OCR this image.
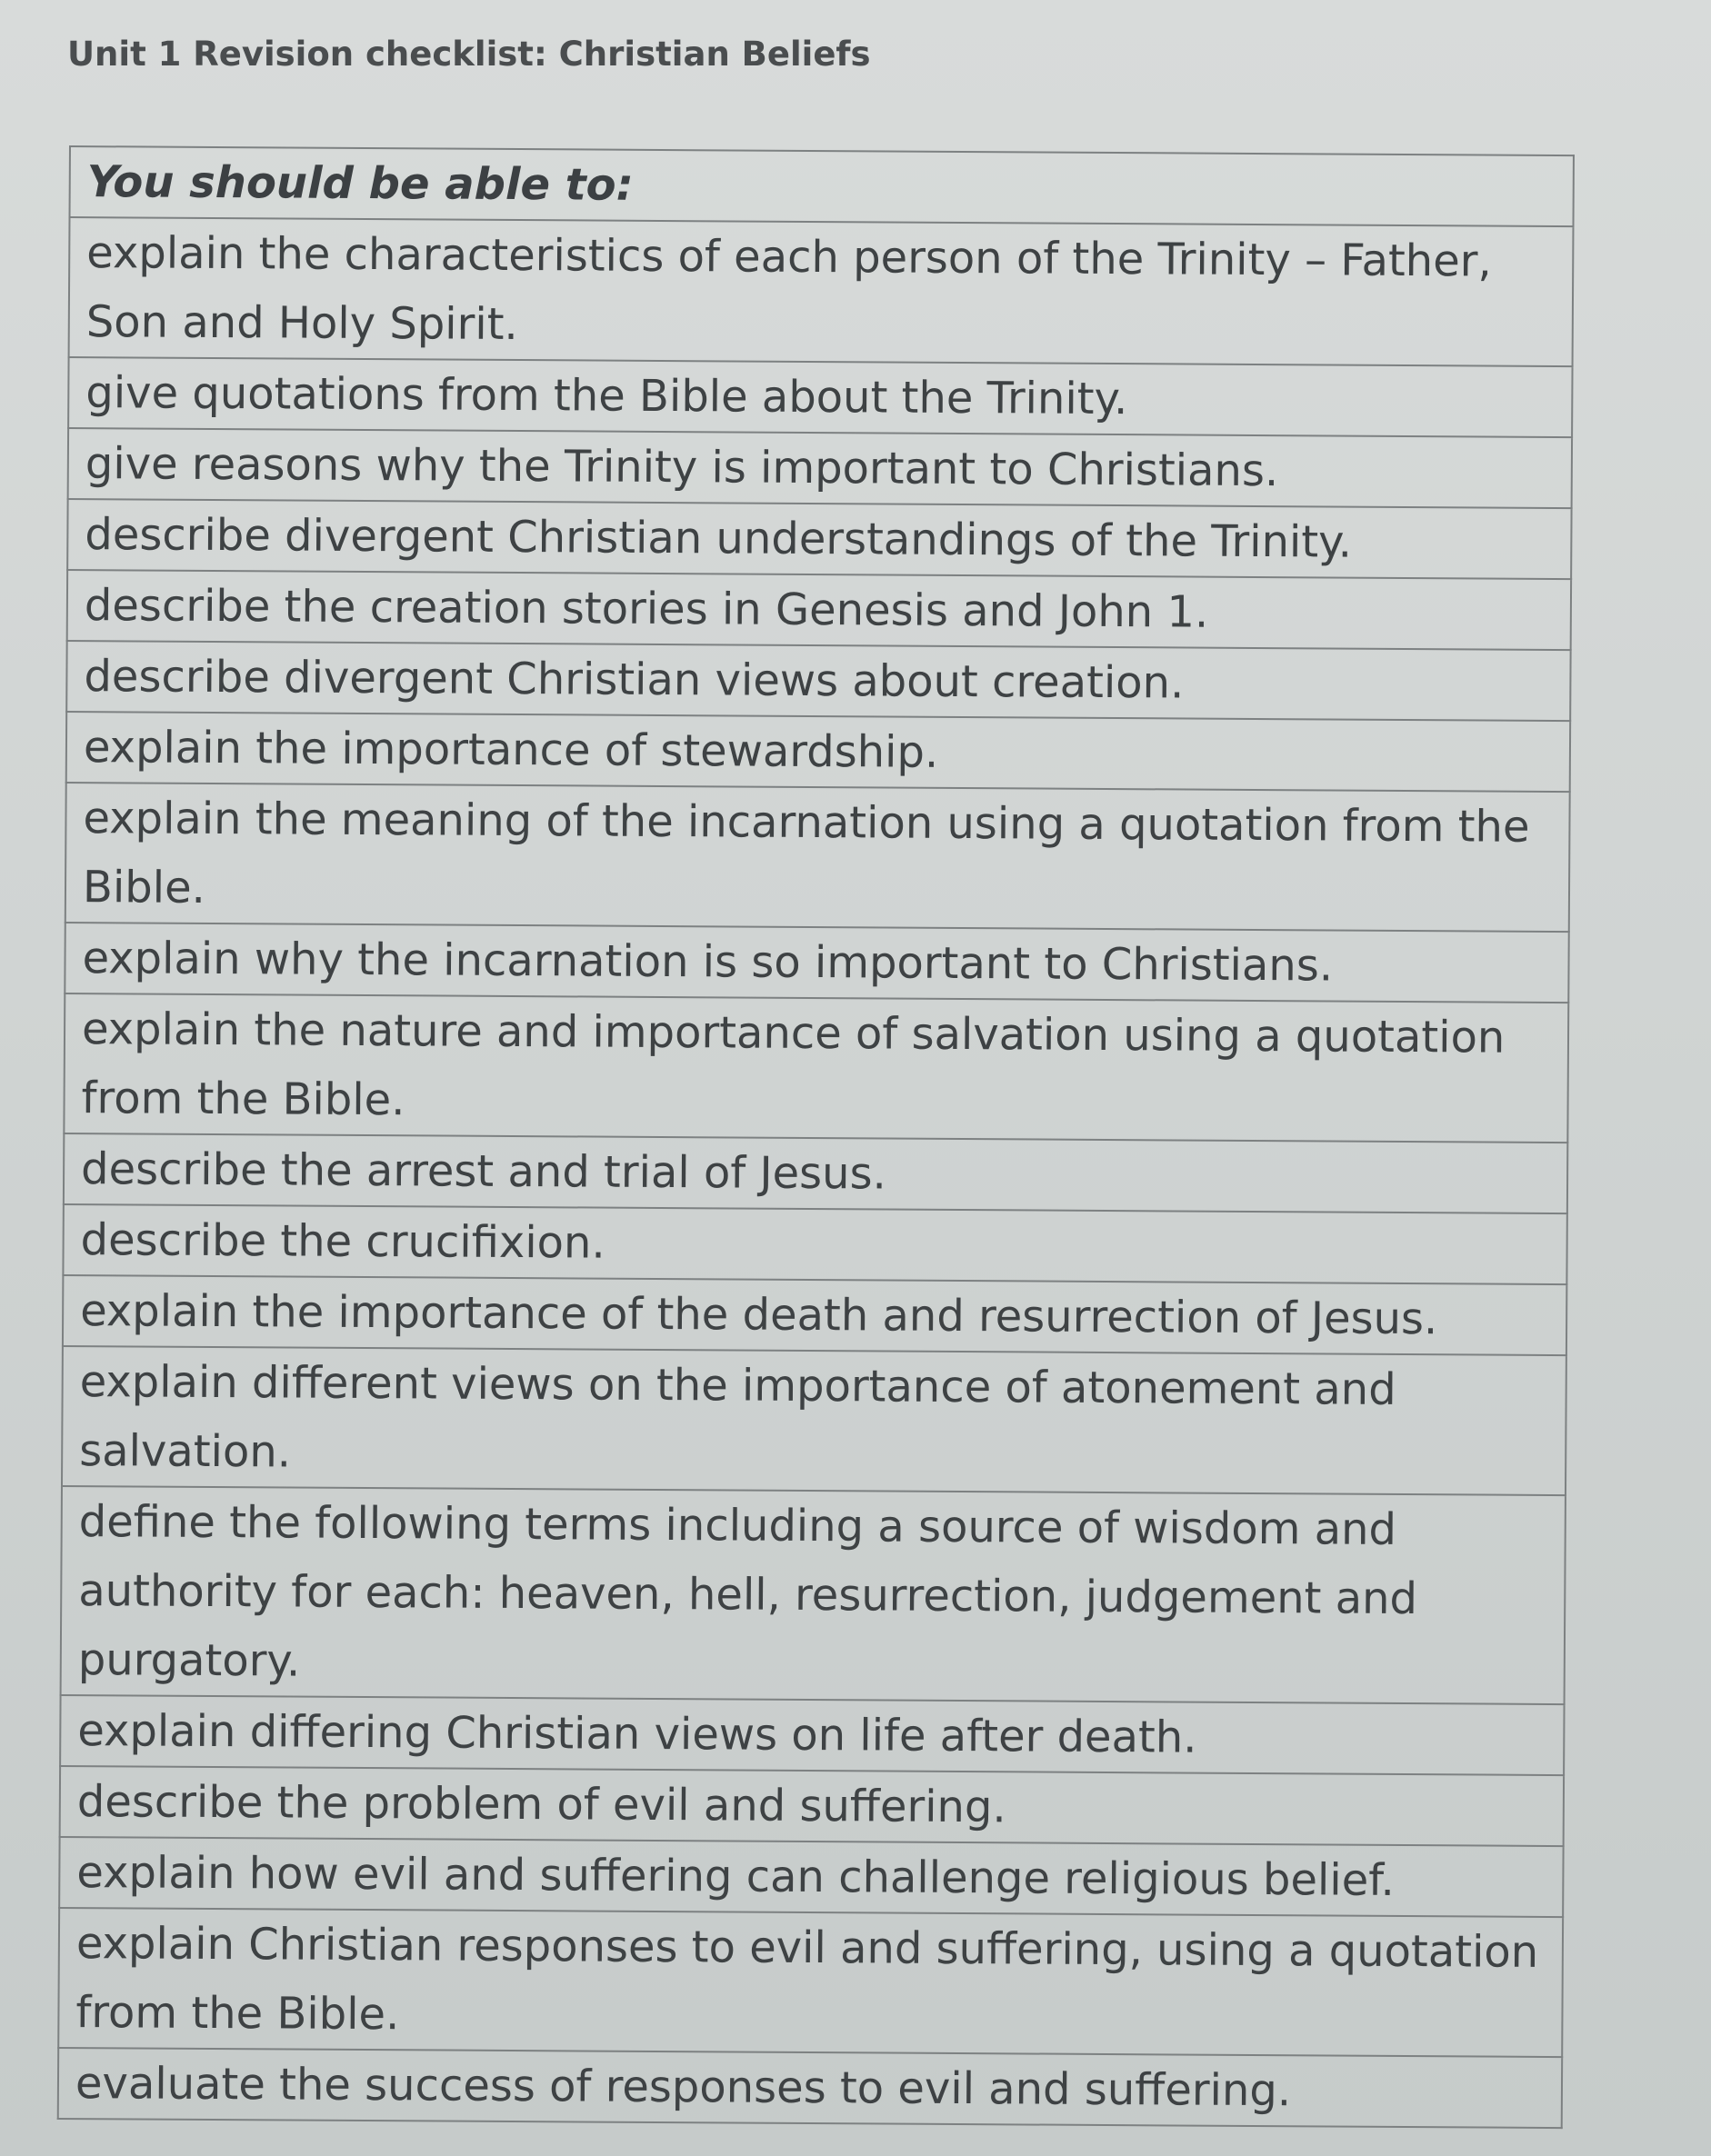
Unit 1 Revision checklist: Christian Beliefs
You should be able to:
explain the characteristics of each person of the Trinity – Father, Son and Holy Spirit.
give quotations from the Bible about the Trinity.
give reasons why the Trinity is important to Christians.
describe divergent Christian understandings of the Trinity.
describe the creation stories in Genesis and John 1.
describe divergent Christian views about creation.
explain the importance of stewardship.
explain the meaning of the incarnation using a quotation from the Bible.
explain why the incarnation is so important to Christians.
explain the nature and importance of salvation using a quotation from the Bible.
describe the arrest and trial of Jesus.
describe the crucifixion.
explain the importance of the death and resurrection of Jesus.
explain different views on the importance of atonement and salvation.
define the following terms including a source of wisdom and authority for each: heaven, hell, resurrection, judgement and purgatory.
explain differing Christian views on life after death.
describe the problem of evil and suffering.
explain how evil and suffering can challenge religious belief.
explain Christian responses to evil and suffering, using a quotation from the Bible.
evaluate the success of responses to evil and suffering.
